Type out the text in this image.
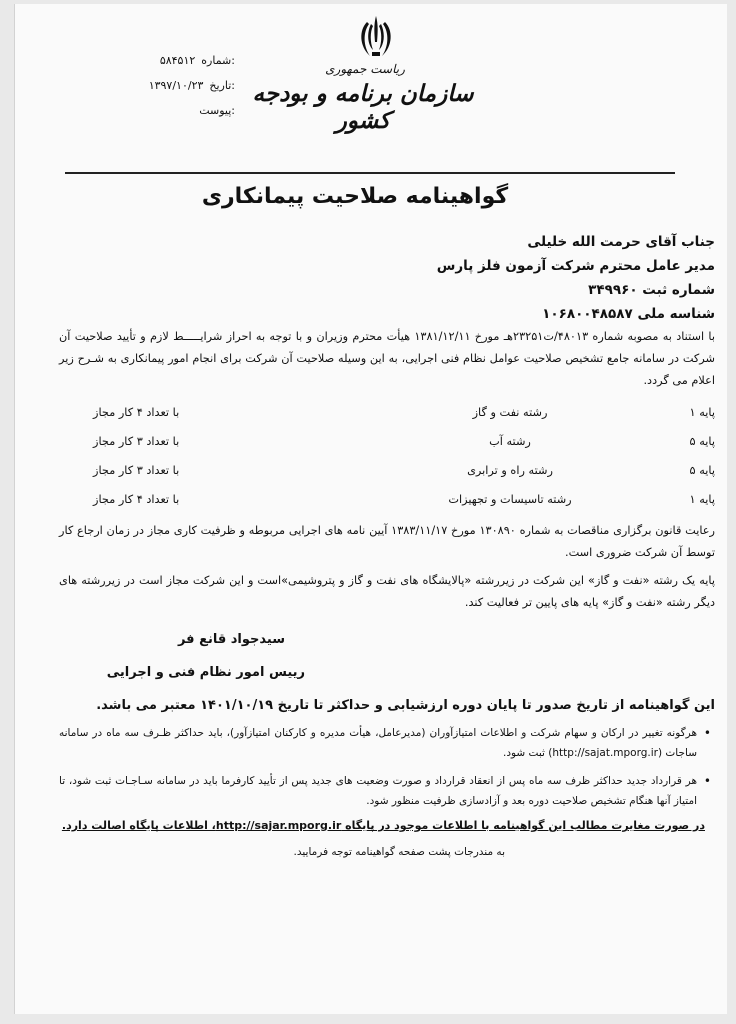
ریاست جمهوری
سازمان برنامه و بودجه کشور
۵۸۴۵۱۲ شماره:
۱۳۹۷/۱۰/۲۳ تاریخ:
پیوست:
گواهینامه صلاحیت پیمانکاری

جناب آقای حرمت الله خلیلی

مدیر عامل محترم شرکت آزمون فلز پارس

شماره ثبت ۳۴۹۹۶۰

شناسه ملی ۱۰۶۸۰۰۴۸۵۸۷

با استناد به مصوبه شماره ۴۸۰۱۳/ت۲۳۲۵۱هـ مورخ ۱۳۸۱/۱۲/۱۱ هیأت محترم وزیران و با توجه به احراز شرایـــــط لازم و تأیید صلاحیت آن شرکت در سامانه جامع تشخیص صلاحیت عوامل نظام فنی اجرایی، به این وسیله صلاحیت آن شرکت برای انجام امور پیمانکاری به شـرح زیر اعلام می گردد.

پایه ۱	رشته نفت و گاز	با تعداد ۴ کار مجاز
پایه ۵	رشته آب	با تعداد ۳ کار مجاز
پایه ۵	رشته راه و ترابری	با تعداد ۳ کار مجاز
پایه ۱	رشته تاسیسات و تجهیزات	با تعداد ۴ کار مجاز

رعایت قانون برگزاری مناقصات به شماره ۱۳۰۸۹۰ مورخ ۱۳۸۳/۱۱/۱۷ آیین نامه های اجرایی مربوطه و ظرفیت کاری مجاز در زمان ارجاع کار توسط آن شرکت ضروری است.

پایه یک رشته «نفت و گاز» این شرکت در زیررشته «پالایشگاه های نفت و گاز و پتروشیمی»است و این شرکت مجاز است در زیررشته های دیگر رشته «نفت و گاز» پایه های پایین تر فعالیت کند.

سیدجواد قانع فر

رییس امور نظام فنی و اجرایی

این گواهینامه از تاریخ صدور تا پایان دوره ارزشیابی و حداکثر تا تاریخ ۱۴۰۱/۱۰/۱۹ معتبر می باشد.

• هرگونه تغییر در ارکان و سهام شرکت و اطلاعات امتیازآوران (مدیرعامل، هیأت مدیره و کارکنان امتیازآور)، باید حداکثر ظـرف سه ماه در سامانه ساجات (http://sajat.mporg.ir) ثبت شود.
• هر قرارداد جدید حداکثر ظرف سه ماه پس از انعقاد قرارداد و صورت وضعیت های جدید پس از تأیید کارفرما باید در سامانه سـاجـات ثبت شود، تا امتیاز آنها هنگام تشخیص صلاحیت دوره بعد و آزادسازی ظرفیت منظور شود.

در صورت مغایرت مطالب این گواهینامه با اطلاعات موجود در پایگاه http://sajar.mporg.ir، اطلاعات پایگاه اصالت دارد.

به مندرجات پشت صفحه گواهینامه توجه فرمایید.
